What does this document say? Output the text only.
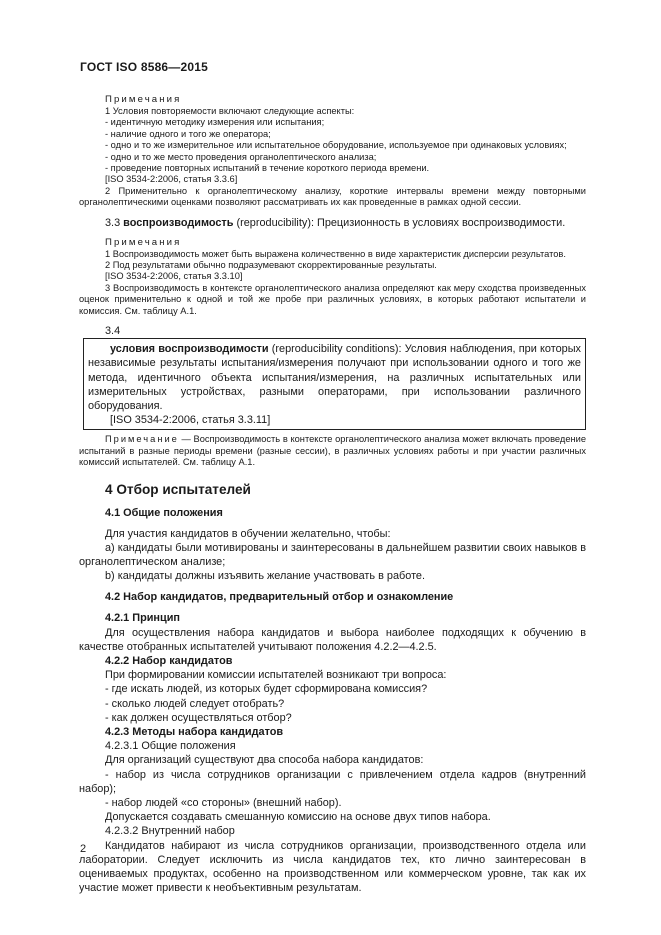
ГОСТ ISO 8586—2015
Примечания
1 Условия повторяемости включают следующие аспекты:
- идентичную методику измерения или испытания;
- наличие одного и того же оператора;
- одно и то же измерительное или испытательное оборудование, используемое при одинаковых условиях;
- одно и то же место проведения органолептического анализа;
- проведение повторных испытаний в течение короткого периода времени.
[ISO 3534-2:2006, статья 3.3.6]
2 Применительно к органолептическому анализу, короткие интервалы времени между повторными органолептическими оценками позволяют рассматривать их как проведенные в рамках одной сессии.
3.3 воспроизводимость (reproducibility): Прецизионность в условиях воспроизводимости.
Примечания
1 Воспроизводимость может быть выражена количественно в виде характеристик дисперсии результатов.
2 Под результатами обычно подразумевают скорректированные результаты.
[ISO 3534-2:2006, статья 3.3.10]
3 Воспроизводимость в контексте органолептического анализа определяют как меру сходства произведенных оценок применительно к одной и той же пробе при различных условиях, в которых работают испытатели и комиссия. См. таблицу А.1.
3.4
условия воспроизводимости (reproducibility conditions): Условия наблюдения, при которых независимые результаты испытания/измерения получают при использовании одного и того же метода, идентичного объекта испытания/измерения, на различных испытательных или измерительных устройствах, разными операторами, при использовании различного оборудования.
[ISO 3534-2:2006, статья 3.3.11]
Примечание — Воспроизводимость в контексте органолептического анализа может включать проведение испытаний в разные периоды времени (разные сессии), в различных условиях работы и при участии различных комиссий испытателей. См. таблицу А.1.
4 Отбор испытателей
4.1 Общие положения
Для участия кандидатов в обучении желательно, чтобы:
а) кандидаты были мотивированы и заинтересованы в дальнейшем развитии своих навыков в органолептическом анализе;
b) кандидаты должны изъявить желание участвовать в работе.
4.2 Набор кандидатов, предварительный отбор и ознакомление
4.2.1 Принцип
Для осуществления набора кандидатов и выбора наиболее подходящих к обучению в качестве отобранных испытателей учитывают положения 4.2.2—4.2.5.
4.2.2 Набор кандидатов
При формировании комиссии испытателей возникают три вопроса:
- где искать людей, из которых будет сформирована комиссия?
- сколько людей следует отобрать?
- как должен осуществляться отбор?
4.2.3 Методы набора кандидатов
4.2.3.1 Общие положения
Для организаций существуют два способа набора кандидатов:
- набор из числа сотрудников организации с привлечением отдела кадров (внутренний набор);
- набор людей «со стороны» (внешний набор).
Допускается создавать смешанную комиссию на основе двух типов набора.
4.2.3.2 Внутренний набор
Кандидатов набирают из числа сотрудников организации, производственного отдела или лаборатории. Следует исключить из числа кандидатов тех, кто лично заинтересован в оцениваемых продуктах, особенно на производственном или коммерческом уровне, так как их участие может привести к необъективным результатам.
2
